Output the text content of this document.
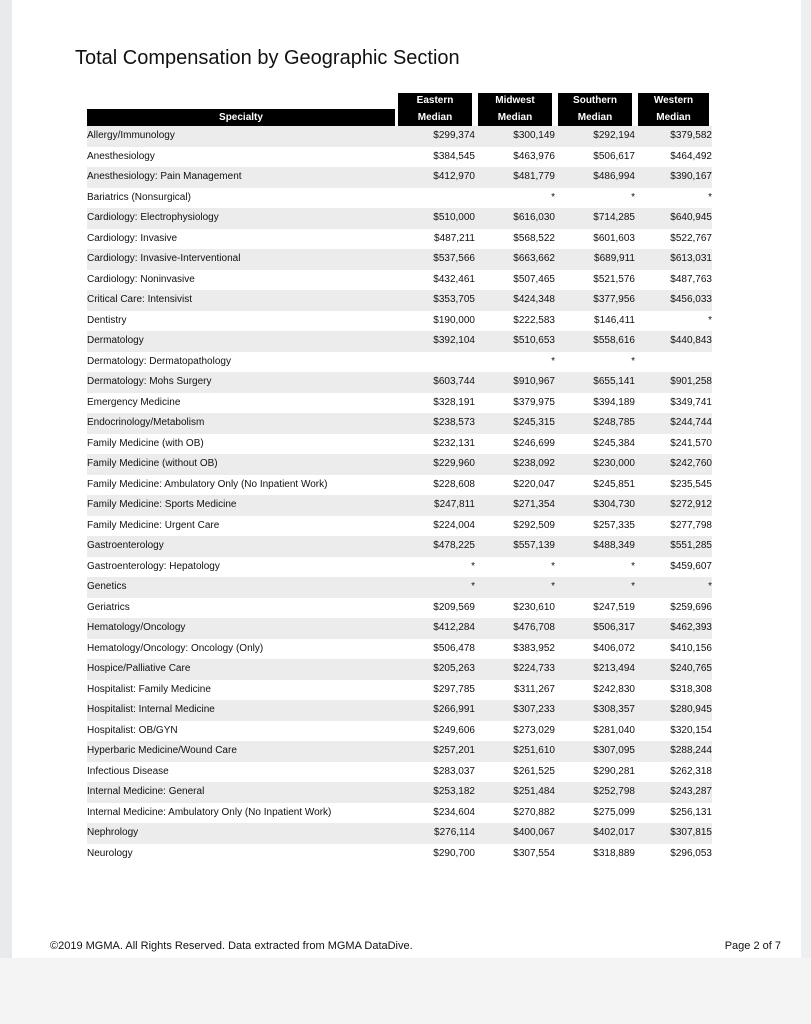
Total Compensation by Geographic Section

	Eastern	Midwest	Southern	Western

Specialty	Median	Median	Median	Median
Allergy/Immunology	$299,374	$300,149	$292,194	$379,582
Anesthesiology	$384,545	$463,976	$506,617	$464,492
Anesthesiology: Pain Management	$412,970	$481,779	$486,994	$390,167
Bariatrics (Nonsurgical)		*	*	*
Cardiology: Electrophysiology	$510,000	$616,030	$714,285	$640,945
Cardiology: Invasive	$487,211	$568,522	$601,603	$522,767
Cardiology: Invasive-Interventional	$537,566	$663,662	$689,911	$613,031
Cardiology: Noninvasive	$432,461	$507,465	$521,576	$487,763
Critical Care: Intensivist	$353,705	$424,348	$377,956	$456,033
Dentistry	$190,000	$222,583	$146,411	*
Dermatology	$392,104	$510,653	$558,616	$440,843
Dermatology: Dermatopathology		*	*	
Dermatology: Mohs Surgery	$603,744	$910,967	$655,141	$901,258
Emergency Medicine	$328,191	$379,975	$394,189	$349,741
Endocrinology/Metabolism	$238,573	$245,315	$248,785	$244,744
Family Medicine (with OB)	$232,131	$246,699	$245,384	$241,570
Family Medicine (without OB)	$229,960	$238,092	$230,000	$242,760
Family Medicine: Ambulatory Only (No Inpatient Work)	$228,608	$220,047	$245,851	$235,545
Family Medicine: Sports Medicine	$247,811	$271,354	$304,730	$272,912
Family Medicine: Urgent Care	$224,004	$292,509	$257,335	$277,798
Gastroenterology	$478,225	$557,139	$488,349	$551,285
Gastroenterology: Hepatology	*	*	*	$459,607
Genetics	*	*	*	*
Geriatrics	$209,569	$230,610	$247,519	$259,696
Hematology/Oncology	$412,284	$476,708	$506,317	$462,393
Hematology/Oncology: Oncology (Only)	$506,478	$383,952	$406,072	$410,156
Hospice/Palliative Care	$205,263	$224,733	$213,494	$240,765
Hospitalist: Family Medicine	$297,785	$311,267	$242,830	$318,308
Hospitalist: Internal Medicine	$266,991	$307,233	$308,357	$280,945
Hospitalist: OB/GYN	$249,606	$273,029	$281,040	$320,154
Hyperbaric Medicine/Wound Care	$257,201	$251,610	$307,095	$288,244
Infectious Disease	$283,037	$261,525	$290,281	$262,318
Internal Medicine: General	$253,182	$251,484	$252,798	$243,287
Internal Medicine: Ambulatory Only (No Inpatient Work)	$234,604	$270,882	$275,099	$256,131
Nephrology	$276,114	$400,067	$402,017	$307,815
Neurology	$290,700	$307,554	$318,889	$296,053
©2019 MGMA. All Rights Reserved. Data extracted from MGMA DataDive.	Page 2 of 7
